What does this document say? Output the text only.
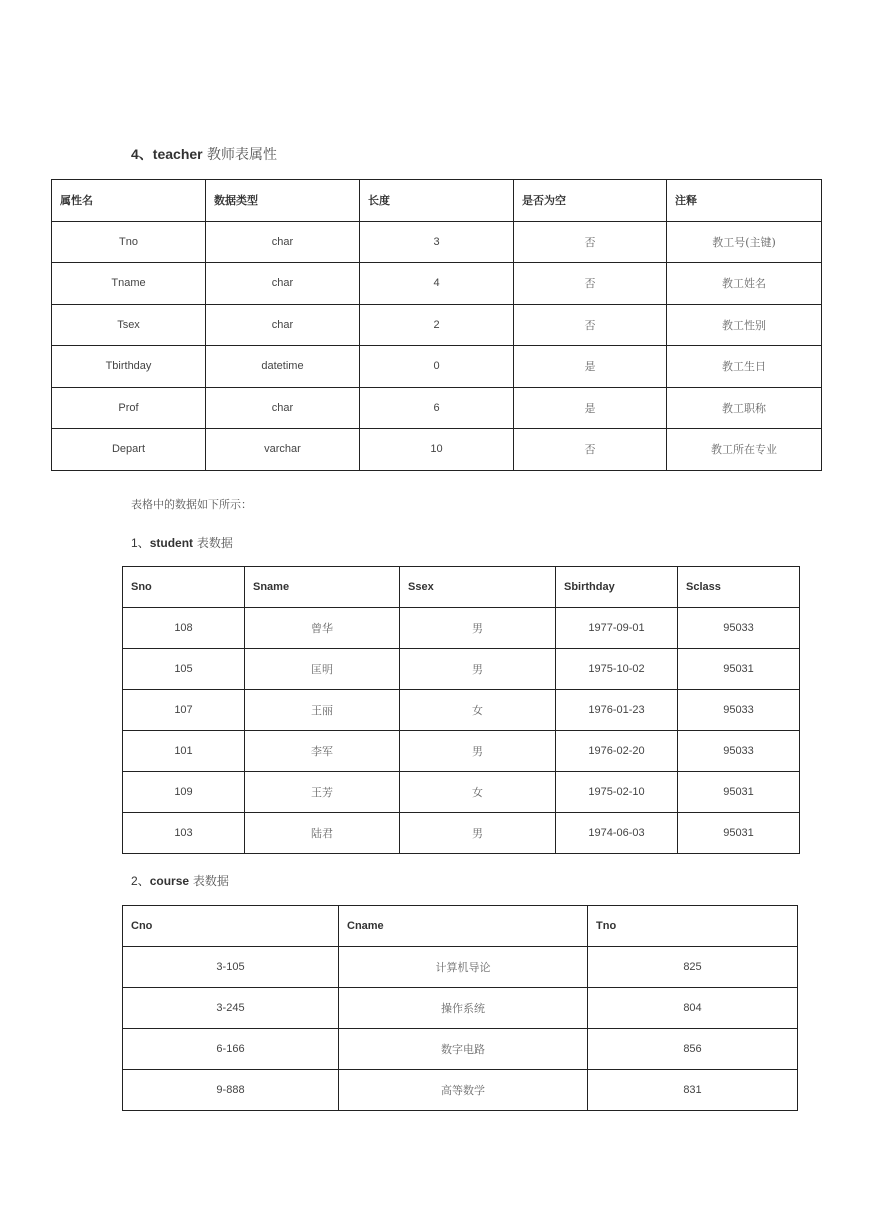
4、teacher 教师表属性
属性名	数据类型	长度	是否为空	注释
Tno	char	3	否	教工号(主键)
Tname	char	4	否	教工姓名
Tsex	char	2	否	教工性别
Tbirthday	datetime	0	是	教工生日
Prof	char	6	是	教工职称
Depart	varchar	10	否	教工所在专业
表格中的数据如下所示：
1、student 表数据
Sno	Sname	Ssex	Sbirthday	Sclass
108	曾华	男	1977-09-01	95033
105	匡明	男	1975-10-02	95031
107	王丽	女	1976-01-23	95033
101	李军	男	1976-02-20	95033
109	王芳	女	1975-02-10	95031
103	陆君	男	1974-06-03	95031
2、course 表数据
Cno	Cname	Tno
3-105	计算机导论	825
3-245	操作系统	804
6-166	数字电路	856
9-888	高等数学	831
